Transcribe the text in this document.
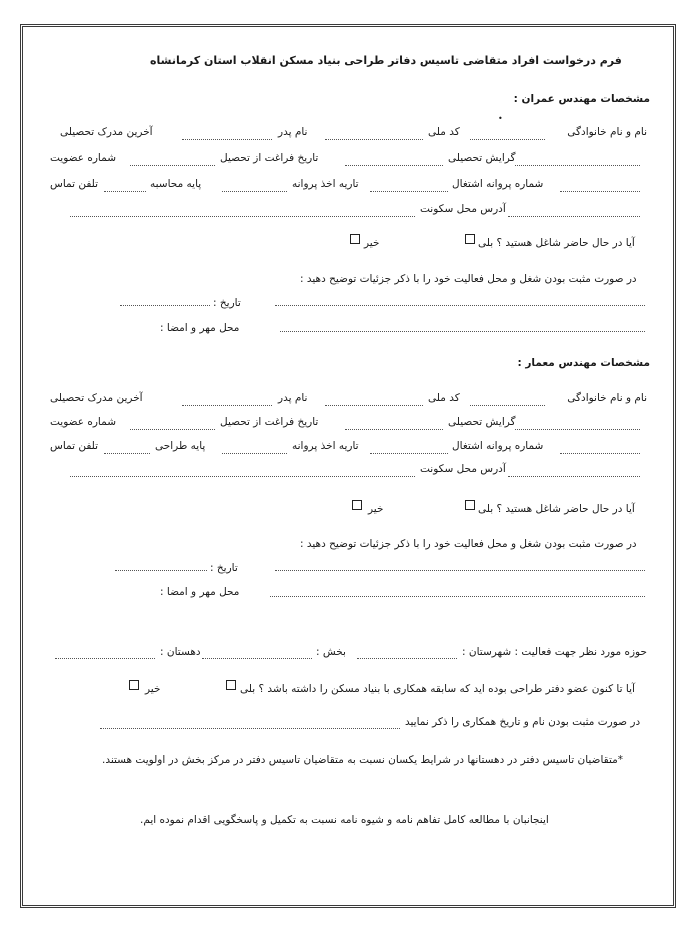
فرم درخواست افراد متقاضی تاسیس دفاتر طراحی بنیاد مسکن انقلاب استان کرمانشاه
•
مشخصات مهندس عمران :
نام و نام خانوادگی
کد ملی
نام پدر
آخرین مدرک تحصیلی
گرایش تحصیلی
تاریخ فراغت از تحصیل
شماره عضویت
شماره پروانه اشتغال
تاریه اخذ پروانه
پایه محاسبه
تلفن تماس
آدرس محل سکونت
آیا در حال حاضر شاغل هستید ؟ بلی
خیر
در صورت مثبت بودن شغل و محل فعالیت خود را با ذکر جزئیات توضیح دهید :
تاریخ :
محل مهر و امضا :
مشخصات مهندس معمار :
نام و نام خانوادگی
کد ملی
نام پدر
آخرین مدرک تحصیلی
گرایش تحصیلی
تاریخ فراغت از تحصیل
شماره عضویت
شماره پروانه اشتغال
تاریه اخذ پروانه
پایه طراحی
تلفن تماس
آدرس محل سکونت
آیا در حال حاضر شاغل هستید ؟ بلی
خیر
در صورت مثبت بودن شغل و محل فعالیت خود را با ذکر جزئیات توضیح دهید :
تاریخ :
محل مهر و امضا :
حوزه مورد نظر جهت فعالیت : شهرستان :
بخش :
دهستان :
آیا تا کنون عضو دفتر طراحی بوده اید که سابقه همکاری با بنیاد مسکن را داشته باشد ؟ بلی
خیر
در صورت مثبت بودن نام و تاریخ همکاری را ذکر نمایید
*متقاضیان تاسیس دفتر در دهستانها در شرایط یکسان نسبت به متقاضیان تاسیس دفتر در مرکز بخش در اولویت هستند.
اینجانبان با مطالعه کامل تفاهم نامه و شیوه نامه نسبت به تکمیل و پاسخگویی اقدام نموده ایم.
